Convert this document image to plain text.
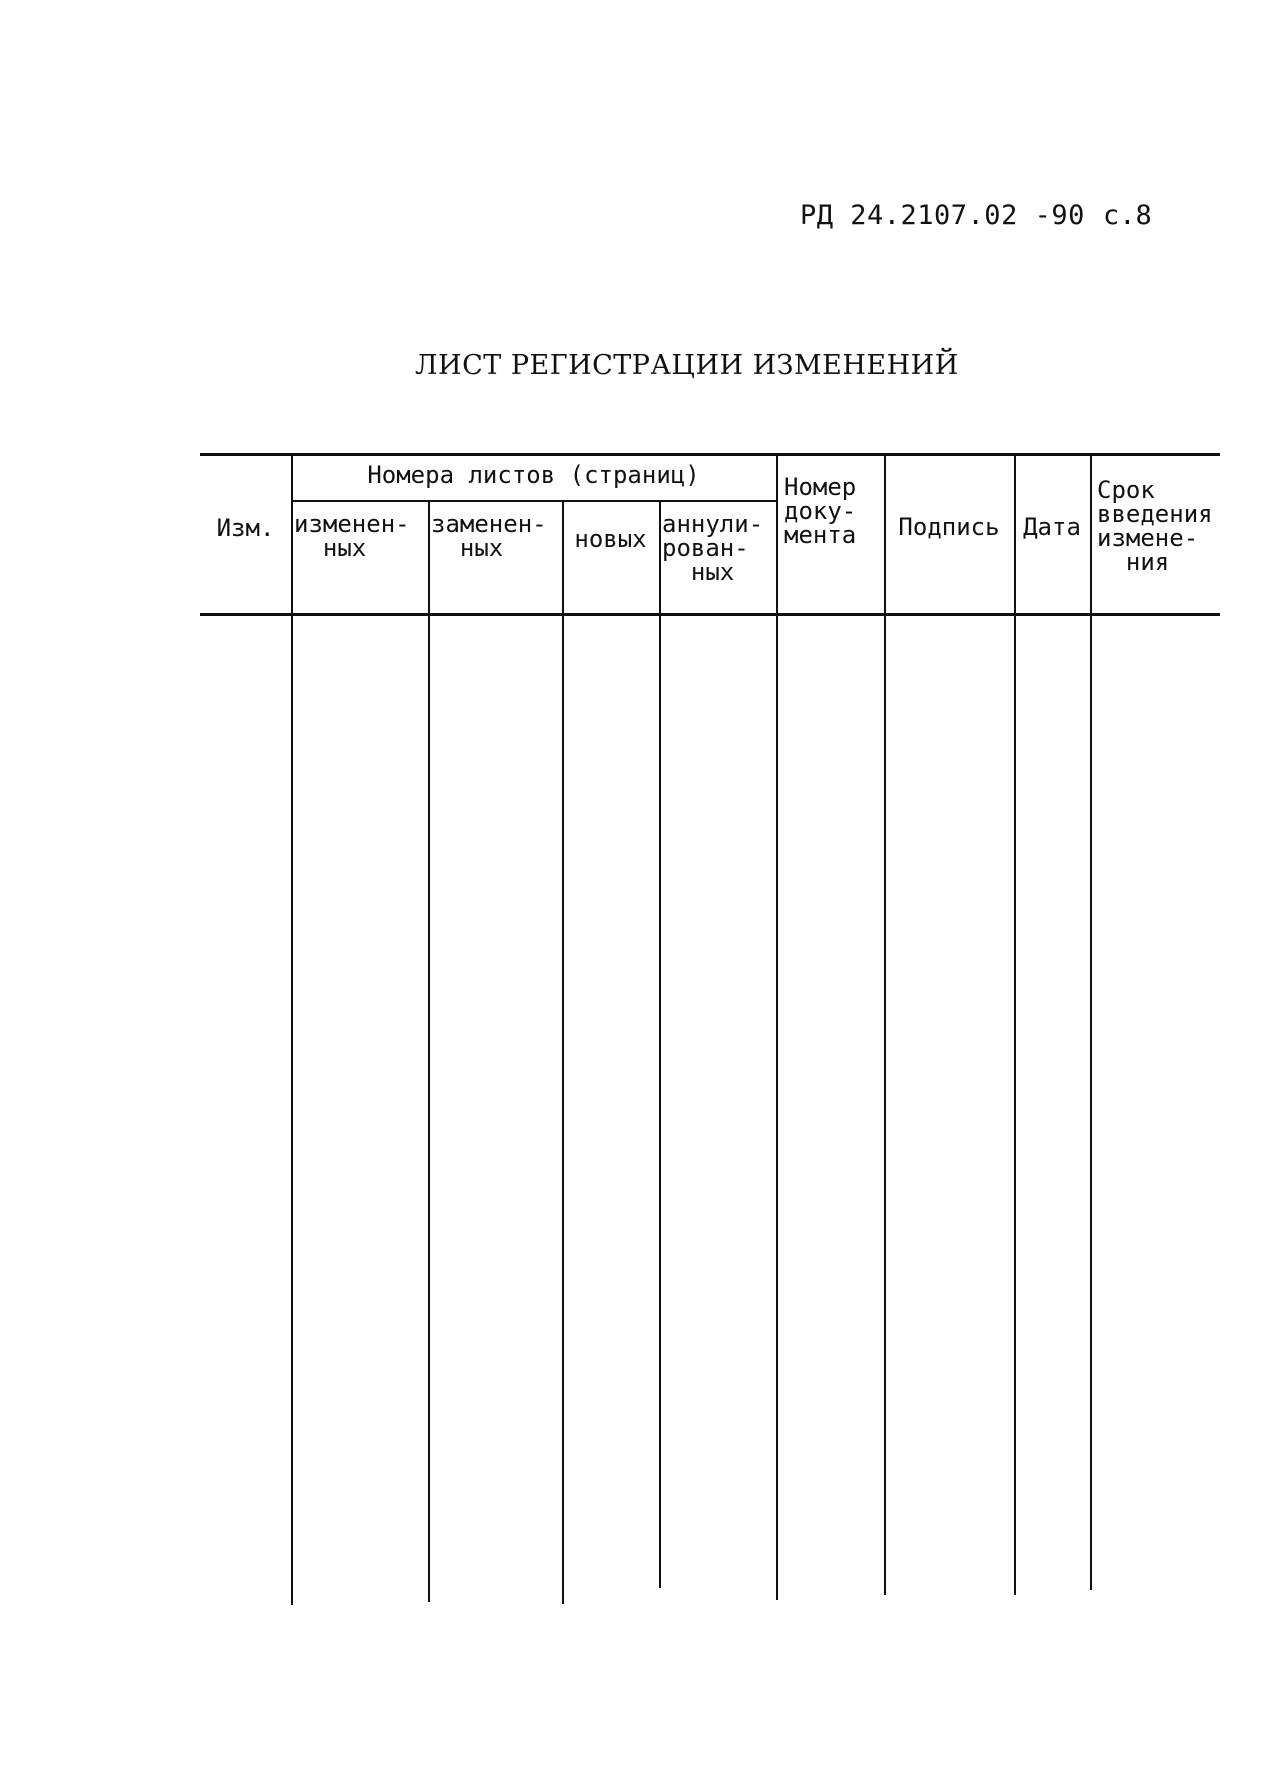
РД 24.2107.02 -90 с.8
ЛИСТ РЕГИСТРАЦИИ ИЗМЕНЕНИЙ
Номера листов (страниц)
Изм. изменен-
ных
заменен-
ных	новых
аннули-
рован-
ных
Номер
доку-
мента	Подпись Дата
Срок
введения
измене-
ния
